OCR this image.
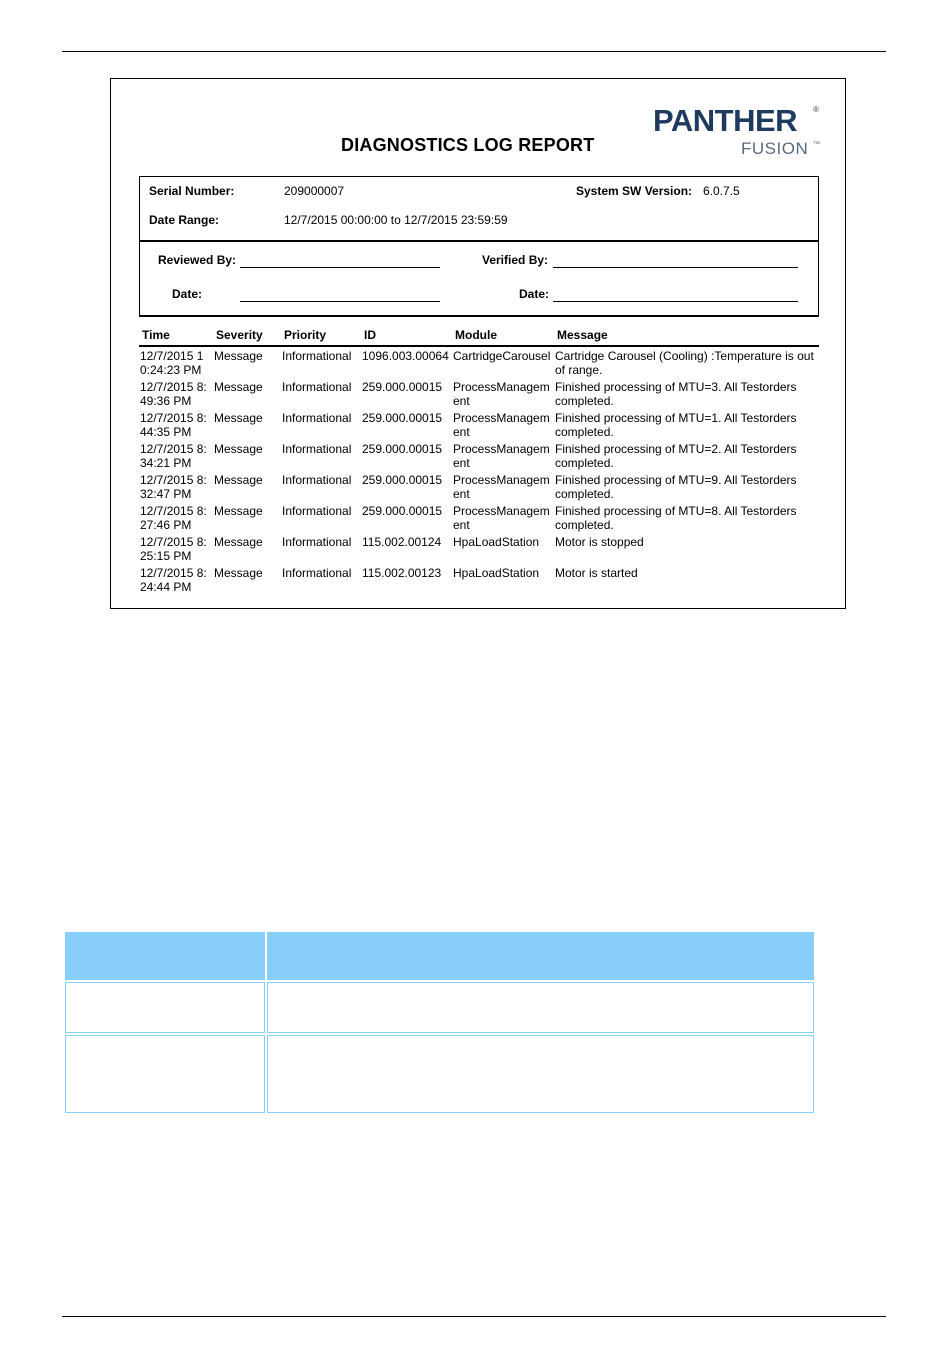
DIAGNOSTICS LOG REPORT
PANTHER ®
FUSION ™
Serial Number:	209000007	System SW Version: 6.0.7.5
Date Range:	12/7/2015 00:00:00 to 12/7/2015 23:59:59
Reviewed By:	Verified By:
Date:	Date:
Time	Severity	Priority	ID	Module	Message
12/7/2015 10:24:23 PM	Message	Informational	1096.003.00064	CartridgeCarousel	Cartridge Carousel (Cooling) :Temperature is out of range.
12/7/2015 8:49:36 PM	Message	Informational	259.000.00015	ProcessManagement	Finished processing of MTU=3. All Testorders completed.
12/7/2015 8:44:35 PM	Message	Informational	259.000.00015	ProcessManagement	Finished processing of MTU=1. All Testorders completed.
12/7/2015 8:34:21 PM	Message	Informational	259.000.00015	ProcessManagement	Finished processing of MTU=2. All Testorders completed.
12/7/2015 8:32:47 PM	Message	Informational	259.000.00015	ProcessManagement	Finished processing of MTU=9. All Testorders completed.
12/7/2015 8:27:46 PM	Message	Informational	259.000.00015	ProcessManagement	Finished processing of MTU=8. All Testorders completed.
12/7/2015 8:25:15 PM	Message	Informational	115.002.00124	HpaLoadStation	Motor is stopped
12/7/2015 8:24:44 PM	Message	Informational	115.002.00123	HpaLoadStation	Motor is started
